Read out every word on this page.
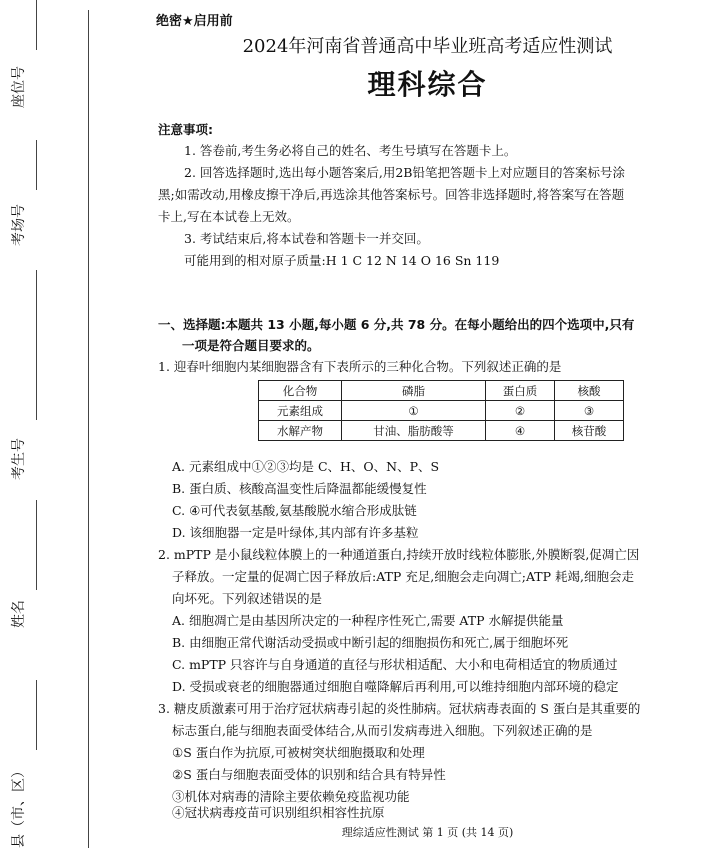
座位号
考场号
考生号
姓名
县（市、区）
绝密★启用前
2024年河南省普通高中毕业班高考适应性测试
理科综合
注意事项:
1. 答卷前,考生务必将自己的姓名、考生号填写在答题卡上。
2. 回答选择题时,选出每小题答案后,用2B铅笔把答题卡上对应题目的答案标号涂
黑;如需改动,用橡皮擦干净后,再选涂其他答案标号。回答非选择题时,将答案写在答题
卡上,写在本试卷上无效。
3. 考试结束后,将本试卷和答题卡一并交回。
可能用到的相对原子质量:H 1 C 12 N 14 O 16 Sn 119
一、选择题:本题共 13 小题,每小题 6 分,共 78 分。在每小题给出的四个选项中,只有
一项是符合题目要求的。
1. 迎春叶细胞内某细胞器含有下表所示的三种化合物。下列叙述正确的是
化合物	磷脂	蛋白质	核酸
元素组成	①	②	③
水解产物	甘油、脂肪酸等	④	核苷酸
A. 元素组成中①②③均是 C、H、O、N、P、S
B. 蛋白质、核酸高温变性后降温都能缓慢复性
C. ④可代表氨基酸,氨基酸脱水缩合形成肽链
D. 该细胞器一定是叶绿体,其内部有许多基粒
2. mPTP 是小鼠线粒体膜上的一种通道蛋白,持续开放时线粒体膨胀,外膜断裂,促凋亡因
子释放。一定量的促凋亡因子释放后:ATP 充足,细胞会走向凋亡;ATP 耗竭,细胞会走
向坏死。下列叙述错误的是
A. 细胞凋亡是由基因所决定的一种程序性死亡,需要 ATP 水解提供能量
B. 由细胞正常代谢活动受损或中断引起的细胞损伤和死亡,属于细胞坏死
C. mPTP 只容许与自身通道的直径与形状相适配、大小和电荷相适宜的物质通过
D. 受损或衰老的细胞器通过细胞自噬降解后再利用,可以维持细胞内部环境的稳定
3. 糖皮质激素可用于治疗冠状病毒引起的炎性肺病。冠状病毒表面的 S 蛋白是其重要的
标志蛋白,能与细胞表面受体结合,从而引发病毒进入细胞。下列叙述正确的是
①S 蛋白作为抗原,可被树突状细胞摄取和处理
②S 蛋白与细胞表面受体的识别和结合具有特异性
③机体对病毒的清除主要依赖免疫监视功能
④冠状病毒疫苗可识别组织相容性抗原
理综适应性测试 第 1 页 (共 14 页)
